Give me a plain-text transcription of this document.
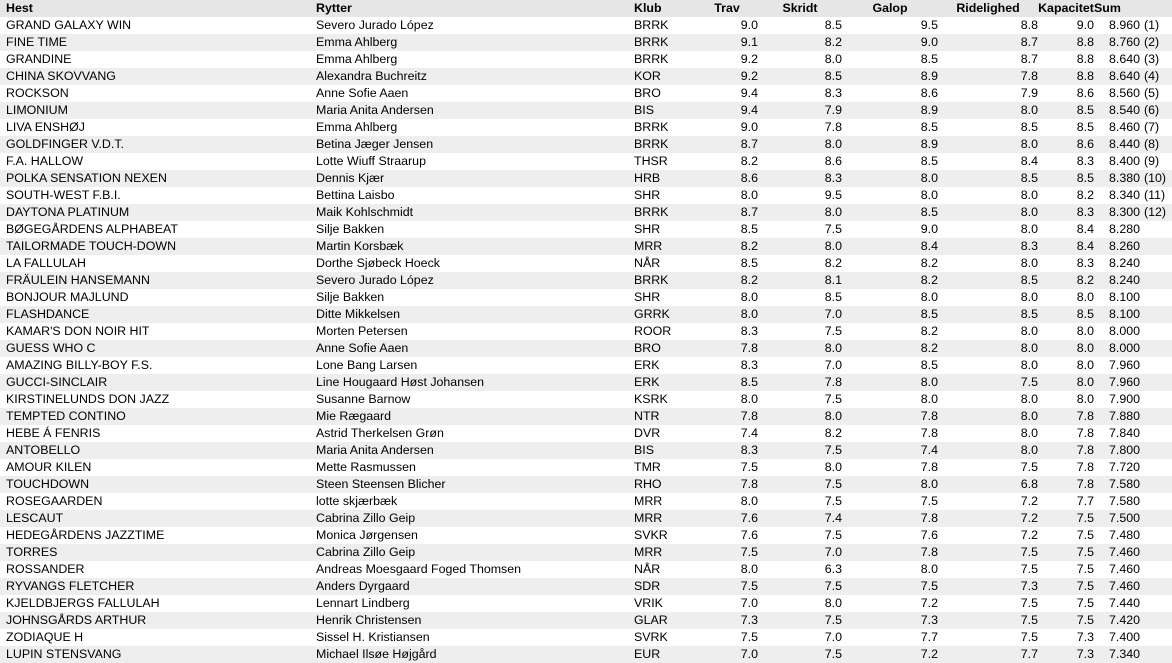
Hest	Rytter	Klub	Trav	Skridt	Galop	Ridelighed	Kapacitet	Sum	
GRAND GALAXY WIN	Severo Jurado López	BRRK	9.0	8.5	9.5	8.8	9.0	8.960	(1)
FINE TIME	Emma Ahlberg	BRRK	9.1	8.2	9.0	8.7	8.8	8.760	(2)
GRANDINE	Emma Ahlberg	BRRK	9.2	8.0	8.5	8.7	8.8	8.640	(3)
CHINA SKOVVANG	Alexandra Buchreitz	KOR	9.2	8.5	8.9	7.8	8.8	8.640	(4)
ROCKSON	Anne Sofie Aaen	BRO	9.4	8.3	8.6	7.9	8.6	8.560	(5)
LIMONIUM	Maria Anita Andersen	BIS	9.4	7.9	8.9	8.0	8.5	8.540	(6)
LIVA ENSHØJ	Emma Ahlberg	BRRK	9.0	7.8	8.5	8.5	8.5	8.460	(7)
GOLDFINGER V.D.T.	Betina Jæger Jensen	BRRK	8.7	8.0	8.9	8.0	8.6	8.440	(8)
F.A. HALLOW	Lotte Wiuff Straarup	THSR	8.2	8.6	8.5	8.4	8.3	8.400	(9)
POLKA SENSATION NEXEN	Dennis Kjær	HRB	8.6	8.3	8.0	8.5	8.5	8.380	(10)
SOUTH-WEST F.B.I.	Bettina Laisbo	SHR	8.0	9.5	8.0	8.0	8.2	8.340	(11)
DAYTONA PLATINUM	Maik Kohlschmidt	BRRK	8.7	8.0	8.5	8.0	8.3	8.300	(12)
BØGEGÅRDENS ALPHABEAT	Silje Bakken	SHR	8.5	7.5	9.0	8.0	8.4	8.280	
TAILORMADE TOUCH-DOWN	Martin Korsbæk	MRR	8.2	8.0	8.4	8.3	8.4	8.260	
LA FALLULAH	Dorthe Sjøbeck Hoeck	NÅR	8.5	8.2	8.2	8.0	8.3	8.240	
FRÄULEIN HANSEMANN	Severo Jurado López	BRRK	8.2	8.1	8.2	8.5	8.2	8.240	
BONJOUR MAJLUND	Silje Bakken	SHR	8.0	8.5	8.0	8.0	8.0	8.100	
FLASHDANCE	Ditte Mikkelsen	GRRK	8.0	7.0	8.5	8.5	8.5	8.100	
KAMAR'S DON NOIR HIT	Morten Petersen	ROOR	8.3	7.5	8.2	8.0	8.0	8.000	
GUESS WHO C	Anne Sofie Aaen	BRO	7.8	8.0	8.2	8.0	8.0	8.000	
AMAZING BILLY-BOY F.S.	Lone Bang Larsen	ERK	8.3	7.0	8.5	8.0	8.0	7.960	
GUCCI-SINCLAIR	Line Hougaard Høst Johansen	ERK	8.5	7.8	8.0	7.5	8.0	7.960	
KIRSTINELUNDS DON JAZZ	Susanne Barnow	KSRK	8.0	7.5	8.0	8.0	8.0	7.900	
TEMPTED CONTINO	Mie Rægaard	NTR	7.8	8.0	7.8	8.0	7.8	7.880	
HEBE Á FENRIS	Astrid Therkelsen Grøn	DVR	7.4	8.2	7.8	8.0	7.8	7.840	
ANTOBELLO	Maria Anita Andersen	BIS	8.3	7.5	7.4	8.0	7.8	7.800	
AMOUR KILEN	Mette Rasmussen	TMR	7.5	8.0	7.8	7.5	7.8	7.720	
TOUCHDOWN	Steen Steensen Blicher	RHO	7.8	7.5	8.0	6.8	7.8	7.580	
ROSEGAARDEN	lotte skjærbæk	MRR	8.0	7.5	7.5	7.2	7.7	7.580	
LESCAUT	Cabrina Zillo Geip	MRR	7.6	7.4	7.8	7.2	7.5	7.500	
HEDEGÅRDENS JAZZTIME	Monica Jørgensen	SVKR	7.6	7.5	7.6	7.2	7.5	7.480	
TORRES	Cabrina Zillo Geip	MRR	7.5	7.0	7.8	7.5	7.5	7.460	
ROSSANDER	Andreas Moesgaard Foged Thomsen	NÅR	8.0	6.3	8.0	7.5	7.5	7.460	
RYVANGS FLETCHER	Anders Dyrgaard	SDR	7.5	7.5	7.5	7.3	7.5	7.460	
KJELDBJERGS FALLULAH	Lennart Lindberg	VRIK	7.0	8.0	7.2	7.5	7.5	7.440	
JOHNSGÅRDS ARTHUR	Henrik Christensen	GLAR	7.3	7.5	7.3	7.5	7.5	7.420	
ZODIAQUE H	Sissel H. Kristiansen	SVRK	7.5	7.0	7.7	7.5	7.3	7.400	
LUPIN STENSVANG	Michael Ilsøe Højgård	EUR	7.0	7.5	7.2	7.7	7.3	7.340	
